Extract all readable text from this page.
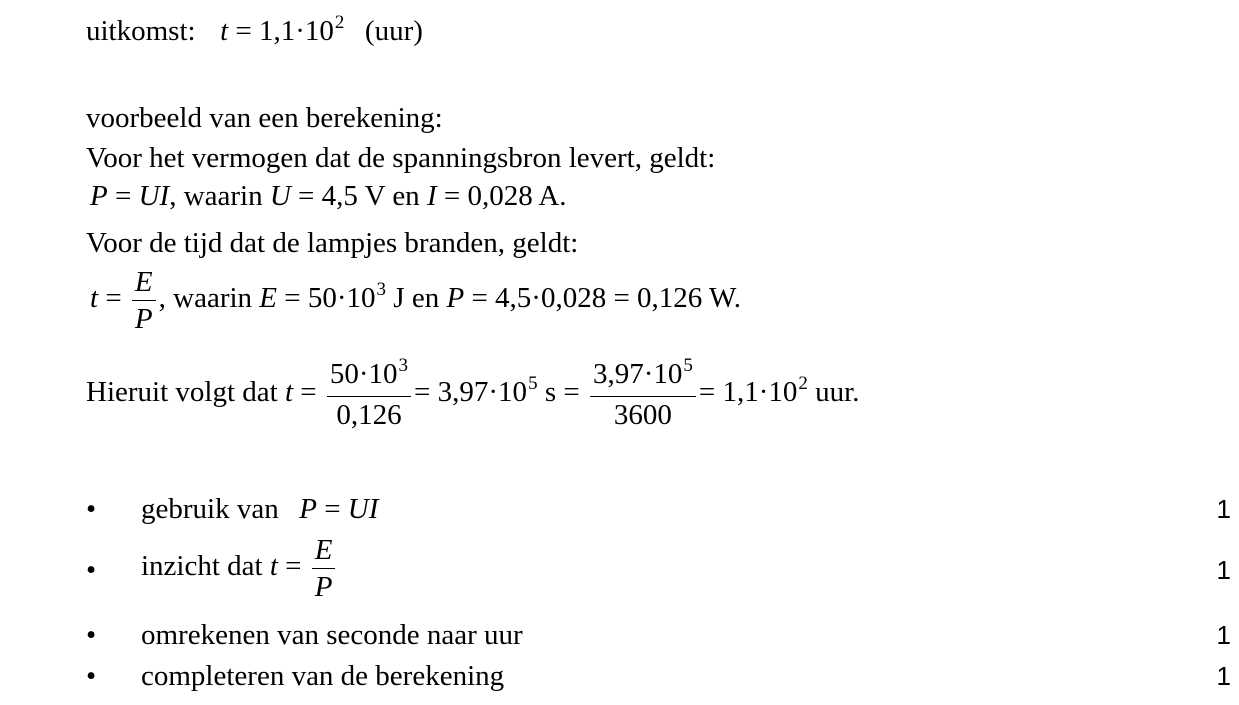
uitkomst: $t = 1,1\cdot 10^2$ (uur)
voorbeeld van een berekening:
Voor het vermogen dat de spanningsbron levert, geldt:
P = UI, waarin U = 4,5 V en I = 0,028 A.
Voor de tijd dat de lampjes branden, geldt:
$t = \frac{E}{P}$ , waarin $E = 50\cdot 10^3$ J en P = 4,5·0,028 = 0,126 W.
Hieruit volgt dat $t = \frac{50\cdot 10^3}{0,126} = 3,97\cdot 10^5$ $s = \frac{3,97\cdot 10^5}{3600} = 1,1\cdot 10^2$ uur.
• gebruik van P = UI	1
• inzicht dat $t = \frac{E}{P}$	1
• omrekenen van seconde naar uur	1
• completeren van de berekening	1
